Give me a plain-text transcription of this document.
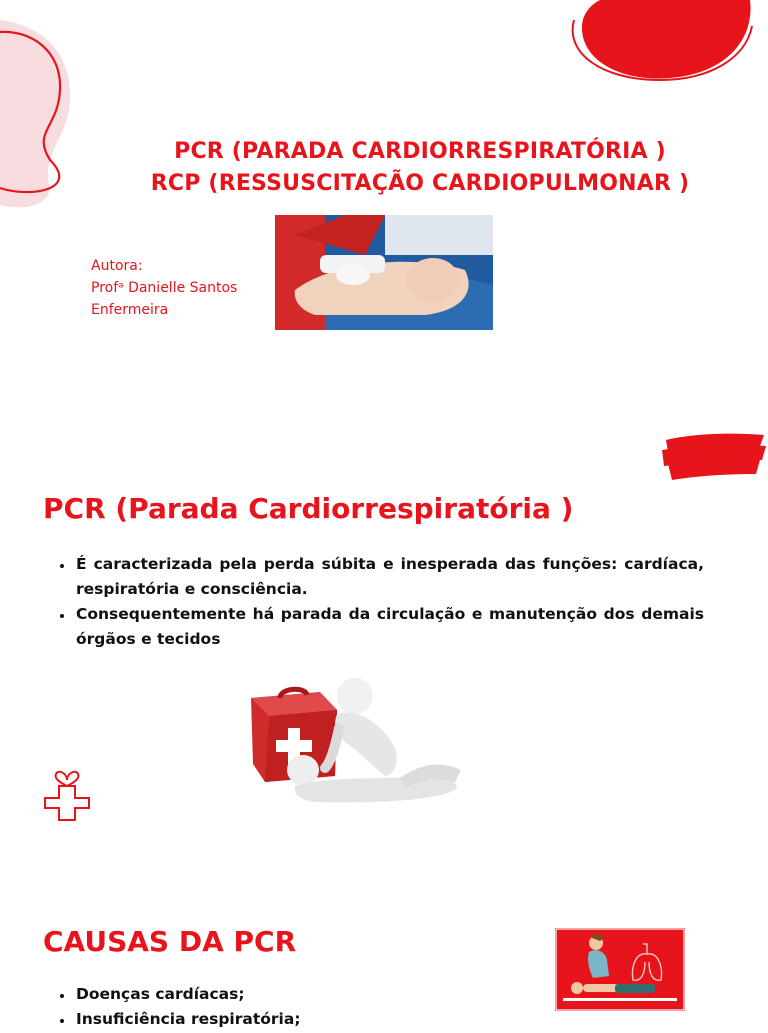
PCR (PARADA CARDIORRESPIRATÓRIA )
RCP (RESSUSCITAÇÃO CARDIOPULMONAR )
Autora:
Profᵃ Danielle Santos
Enfermeira
PCR (Parada Cardiorrespiratória )
• É caracterizada pela perda súbita e inesperada das funções: cardíaca, respiratória e consciência.
• Consequentemente há parada da circulação e manutenção dos demais órgãos e tecidos
CAUSAS DA PCR
• Doenças cardíacas;
• Insuficiência respiratória;
